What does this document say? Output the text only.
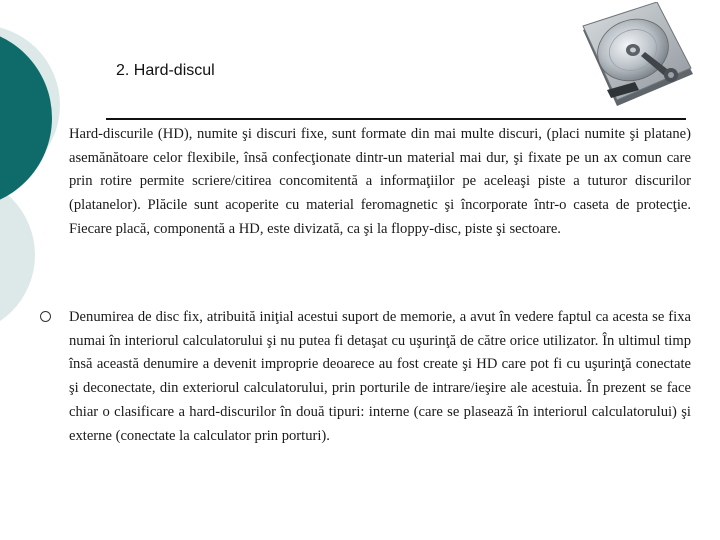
2. Hard-discul
Hard-discurile (HD), numite şi discuri fixe, sunt formate din mai multe discuri, (placi numite şi platane) asemănătoare celor flexibile, însă confecţionate dintr-un material mai dur, şi fixate pe un ax comun care prin rotire permite scriere/citirea concomitentă a informaţiilor pe aceleaşi piste a tuturor discurilor (platanelor). Plăcile sunt acoperite cu material feromagnetic şi încorporate într-o caseta de protecţie. Fiecare placă, componentă a HD, este divizată, ca şi la floppy-disc, piste şi sectoare.
Denumirea de disc fix, atribuită iniţial acestui suport de memorie, a avut în vedere faptul ca acesta se fixa numai în interiorul calculatorului şi nu putea fi detaşat cu uşurinţă de către orice utilizator. În ultimul timp însă această denumire a devenit improprie deoarece au fost create şi HD care pot fi cu uşurinţă conectate şi deconectate, din exteriorul calculatorului, prin porturile de intrare/ieşire ale acestuia. În prezent se face chiar o clasificare a hard-discurilor în două tipuri: interne (care se plasează în interiorul calculatorului) şi externe (conectate la calculator prin porturi).
